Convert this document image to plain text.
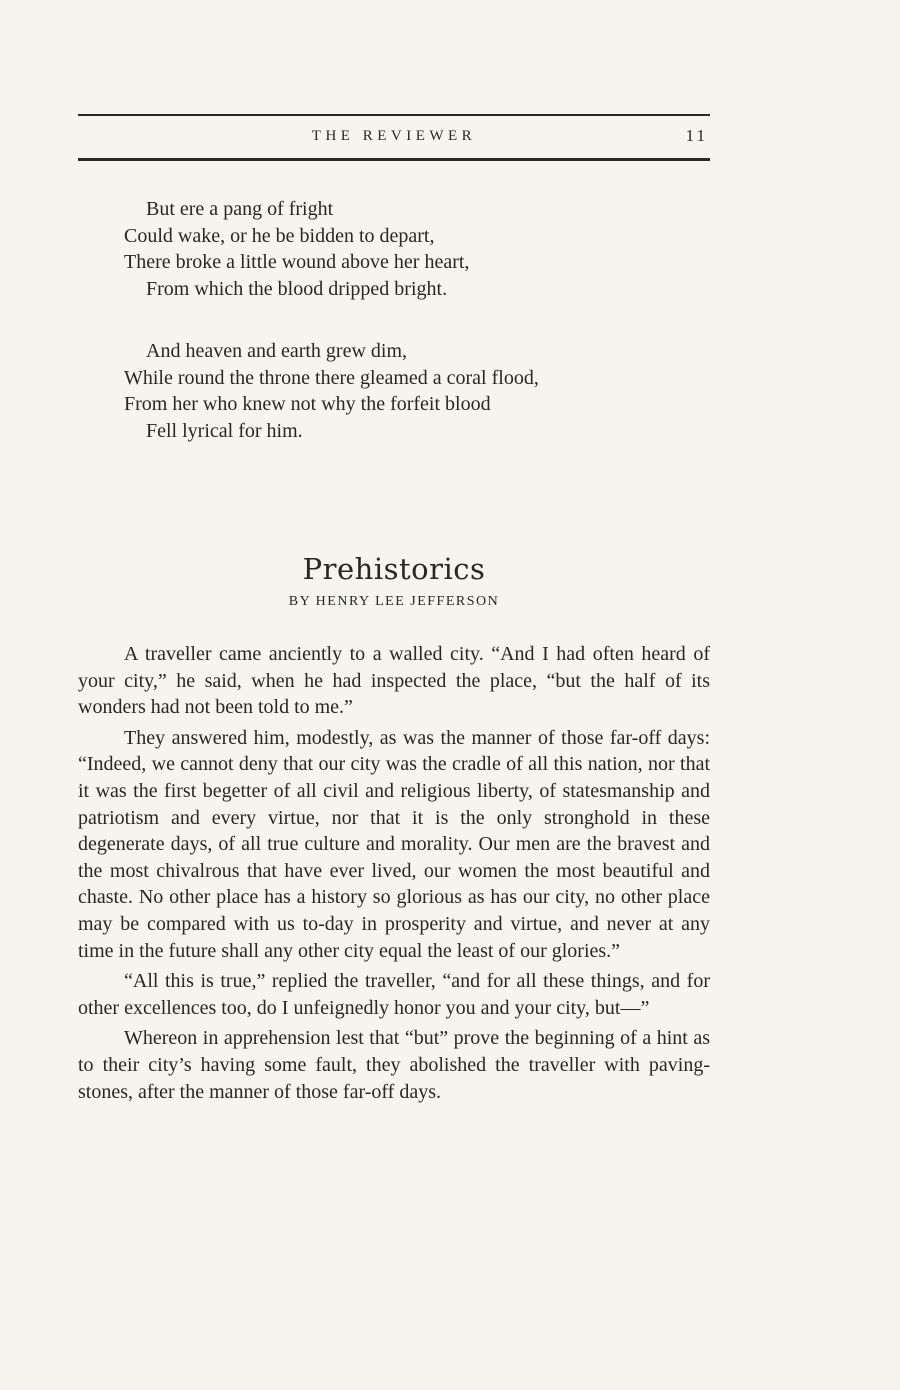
THE REVIEWER	11
But ere a pang of fright
Could wake, or he be bidden to depart,
There broke a little wound above her heart,
From which the blood dripped bright.
And heaven and earth grew dim,
While round the throne there gleamed a coral flood,
From her who knew not why the forfeit blood
Fell lyrical for him.
Prehistorics
BY HENRY LEE JEFFERSON

A traveller came anciently to a walled city. “And I had often heard of your city,” he said, when he had inspected the place, “but the half of its wonders had not been told to me.”

They answered him, modestly, as was the manner of those far-off days: “Indeed, we cannot deny that our city was the cradle of all this nation, nor that it was the first begetter of all civil and religious liberty, of statesmanship and patriotism and every virtue, nor that it is the only stronghold in these degenerate days, of all true culture and morality. Our men are the bravest and the most chivalrous that have ever lived, our women the most beautiful and chaste. No other place has a history so glorious as has our city, no other place may be compared with us to-day in prosperity and virtue, and never at any time in the future shall any other city equal the least of our glories.”

“All this is true,” replied the traveller, “and for all these things, and for other excellences too, do I unfeignedly honor you and your city, but—”

Whereon in apprehension lest that “but” prove the beginning of a hint as to their city’s having some fault, they abolished the traveller with paving-stones, after the manner of those far-off days.
